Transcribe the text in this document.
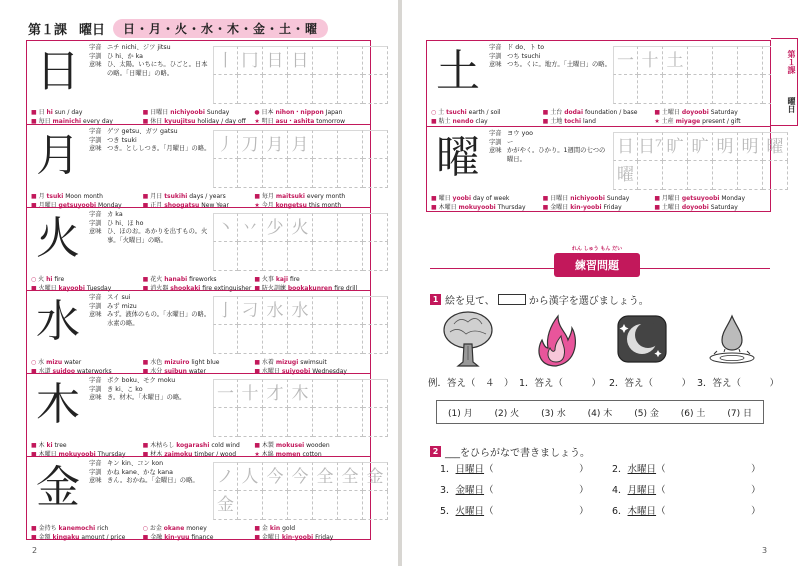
第１課 曜日	日・月・火・水・木・金・土・曜
日	字音 ニチ nichi、ジツ jitsu
字訓 ひ hi、か ka
意味 ひ、太陽。いちにち。ひごと。日本の略。「日曜日」の略。
丨 冂 日 日
■ 日 hi sun / day	■ 日曜日 nichiyoobi Sunday	● 日本 nihon・nippon Japan
■ 毎日 mainichi every day	■ 休日 kyuujitsu holiday / day off	★ 明日 asu・ashita tomorrow
月	字音 ゲツ getsu、ガツ gatsu
字訓 つき tsuki
意味 つき。とししつき。「月曜日」の略。 丿 刀 月 月
■ 月 tsuki Moon month	■ 月日 tsukihi days / years	■ 毎月 maitsuki every month
■ 月曜日 getsuyoobi Monday	■ 正月 shoogatsu New Year	★ 今月 kongetsu this month
火	字音 カ ka
字訓 ひ hi、ほ ho
意味 ひ、ほのお。あかりを出すもの。火事。「火曜日」の略。
丶 丷 少 火
○ 火 hi fire	■ 花火 hanabi fireworks	■ 火事 kaji fire
■ 火曜日 kayoobi Tuesday	■ 消火器 shookaki fire extinguisher ■ 防火訓練 bookakunren fire drill
水	字音 スイ sui
字訓 みず mizu
意味 みず。液体のもの。「水曜日」の略。水素の略。
亅 刁 水 水
○ 水 mizu water	■ 水色 mizuiro light blue	■ 水着 mizugi swimsuit
■ 水道 suidoo waterworks	■ 水分 suibun water	■ 水曜日 suiyoobi Wednesday
木	字音 ボク boku、モク moku
字訓 き ki、こ ko
意味 き。材木。「木曜日」の略。 一 十 才 木
■ 木 ki tree	■ 木枯らし kogarashi cold wind	■ 木製 mokusei wooden
■ 木曜日 mokuyoobi Thursday	■ 材木 zaimoku timber / wood	★ 木綿 momen cotton
金	字音 キン kin、コン kon
字訓 かね kane、かな kana
意味 きん。おかね。「金曜日」の略。 ノ 人 今 今 全 全 金
金
■ 金持ち kanemochi rich	○ お金 okane money	■ 金 kin gold
■ 金額 kingaku amount / price	■ 金融 kin-yuu finance	■ 金曜日 kin-yoobi Friday
土	字音 ド do、ト to
字訓 つち tsuchi
意味 つち。くに。地方。「土曜日」の略。 一 十 土
○ 土 tsuchi earth / soil	■ 土台 dodai foundation / base	■ 土曜日 doyoobi Saturday
■ 粘土 nendo clay	■ 土地 tochi land	★ 土産 miyage present / gift
曜	字音 ヨウ yoo
字訓 ー
意味 かがやく。ひかり。1週間の七つの曜日。
日 日⁷ 旷 旷 明 明 曜
曜
■ 曜日 yoobi day of week	■ 日曜日 nichiyoobi Sunday	■ 月曜日 getsuyoobi Monday
■ 木曜日 mokuyoobi Thursday	■ 金曜日 kin-yoobi Friday	■ 土曜日 doyoobi Saturday
第１課
曜日
れん しゅう もん だい
練習問題
1 絵を見て、	から漢字を選びましょう。
例．答え（　４　） 1．答え（　　　） 2．答え（　　　） 3．答え（　　　）
(1) 月 (2) 火 (3) 水 (4) 木 (5) 金 (6) 土 (7) 日
2 ___をひらがなで書きましょう。
1．日曜日（　　　　　　　　　） 2．水曜日（　　　　　　　　　）
3．金曜日（　　　　　　　　　） 4．月曜日（　　　　　　　　　）
5．火曜日（　　　　　　　　　） 6．木曜日（　　　　　　　　　）
2	3
